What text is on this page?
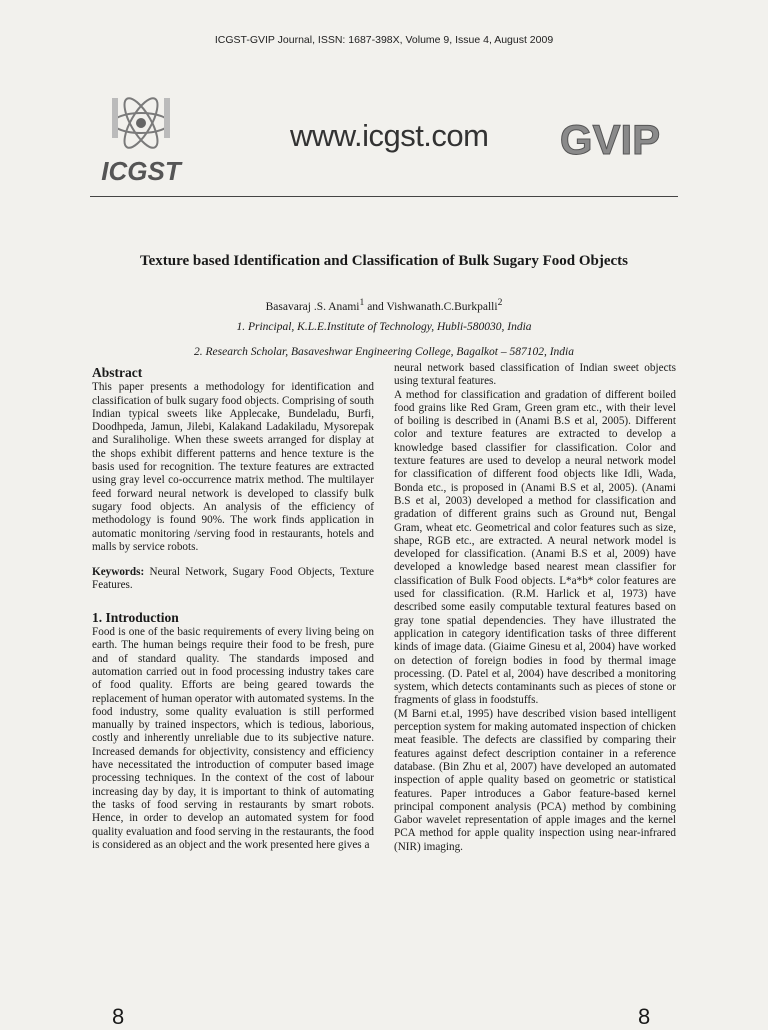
ICGST-GVIP Journal, ISSN: 1687-398X, Volume 9, Issue 4, August 2009
ICGST
www.icgst.com GVIP
Texture based Identification and Classification of Bulk Sugary Food Objects
Basavaraj .S. Anami$^1$ and Vishwanath.C.Burkpalli$^2$
1. Principal, K.L.E.Institute of Technology, Hubli-580030, India
2. Research Scholar, Basaveshwar Engineering College, Bagalkot – 587102, India
Abstract

This paper presents a methodology for identification and classification of bulk sugary food objects. Comprising of south Indian typical sweets like Applecake, Bundeladu, Burfi, Doodhpeda, Jamun, Jilebi, Kalakand Ladakiladu, Mysorepak and Suraliholige. When these sweets arranged for display at the shops exhibit different patterns and hence texture is the basis used for recognition. The texture features are extracted using gray level co-occurrence matrix method. The multilayer feed forward neural network is developed to classify bulk sugary food objects. An analysis of the efficiency of methodology is found 90%. The work finds application in automatic monitoring /serving food in restaurants, hotels and malls by service robots.

Keywords: Neural Network, Sugary Food Objects, Texture Features.

1. Introduction

Food is one of the basic requirements of every living being on earth. The human beings require their food to be fresh, pure and of standard quality. The standards imposed and automation carried out in food processing industry takes care of food quality. Efforts are being geared towards the replacement of human operator with automated systems. In the food industry, some quality evaluation is still performed manually by trained inspectors, which is tedious, laborious, costly and inherently unreliable due to its subjective nature. Increased demands for objectivity, consistency and efficiency have necessitated the introduction of computer based image processing techniques. In the context of the cost of labour increasing day by day, it is important to think of automating the tasks of food serving in restaurants by smart robots. Hence, in order to develop an automated system for food quality evaluation and food serving in the restaurants, the food is considered as an object and the work presented here gives a

neural network based classification of Indian sweet objects using textural features.

A method for classification and gradation of different boiled food grains like Red Gram, Green gram etc., with their level of boiling is described in (Anami B.S et al, 2005). Different color and texture features are extracted to develop a knowledge based classifier for classification. Color and texture features are used to develop a neural network model for classification of different food objects like Idli, Wada, Bonda etc., is proposed in (Anami B.S et al, 2005). (Anami B.S et al, 2003) developed a method for classification and gradation of different grains such as Ground nut, Bengal Gram, wheat etc. Geometrical and color features such as size, shape, RGB etc., are extracted. A neural network model is developed for classification. (Anami B.S et al, 2009) have developed a knowledge based nearest mean classifier for classification of Bulk Food objects. L*a*b* color features are used for classification. (R.M. Harlick et al, 1973) have described some easily computable textural features based on gray tone spatial dependencies. They have illustrated the application in category identification tasks of three different kinds of image data. (Giaime Ginesu et al, 2004) have worked on detection of foreign bodies in food by thermal image processing. (D. Patel et al, 2004) have described a monitoring system, which detects contaminants such as pieces of stone or fragments of glass in foodstuffs.

(M Barni et.al, 1995) have described vision based intelligent perception system for making automated inspection of chicken meat feasible. The defects are classified by comparing their features against defect description container in a reference database. (Bin Zhu et al, 2007) have developed an automated inspection of apple quality based on geometric or statistical features. Paper introduces a Gabor feature-based kernel principal component analysis (PCA) method by combining Gabor wavelet representation of apple images and the kernel PCA method for apple quality inspection using near-infrared (NIR) imaging.

8	8
